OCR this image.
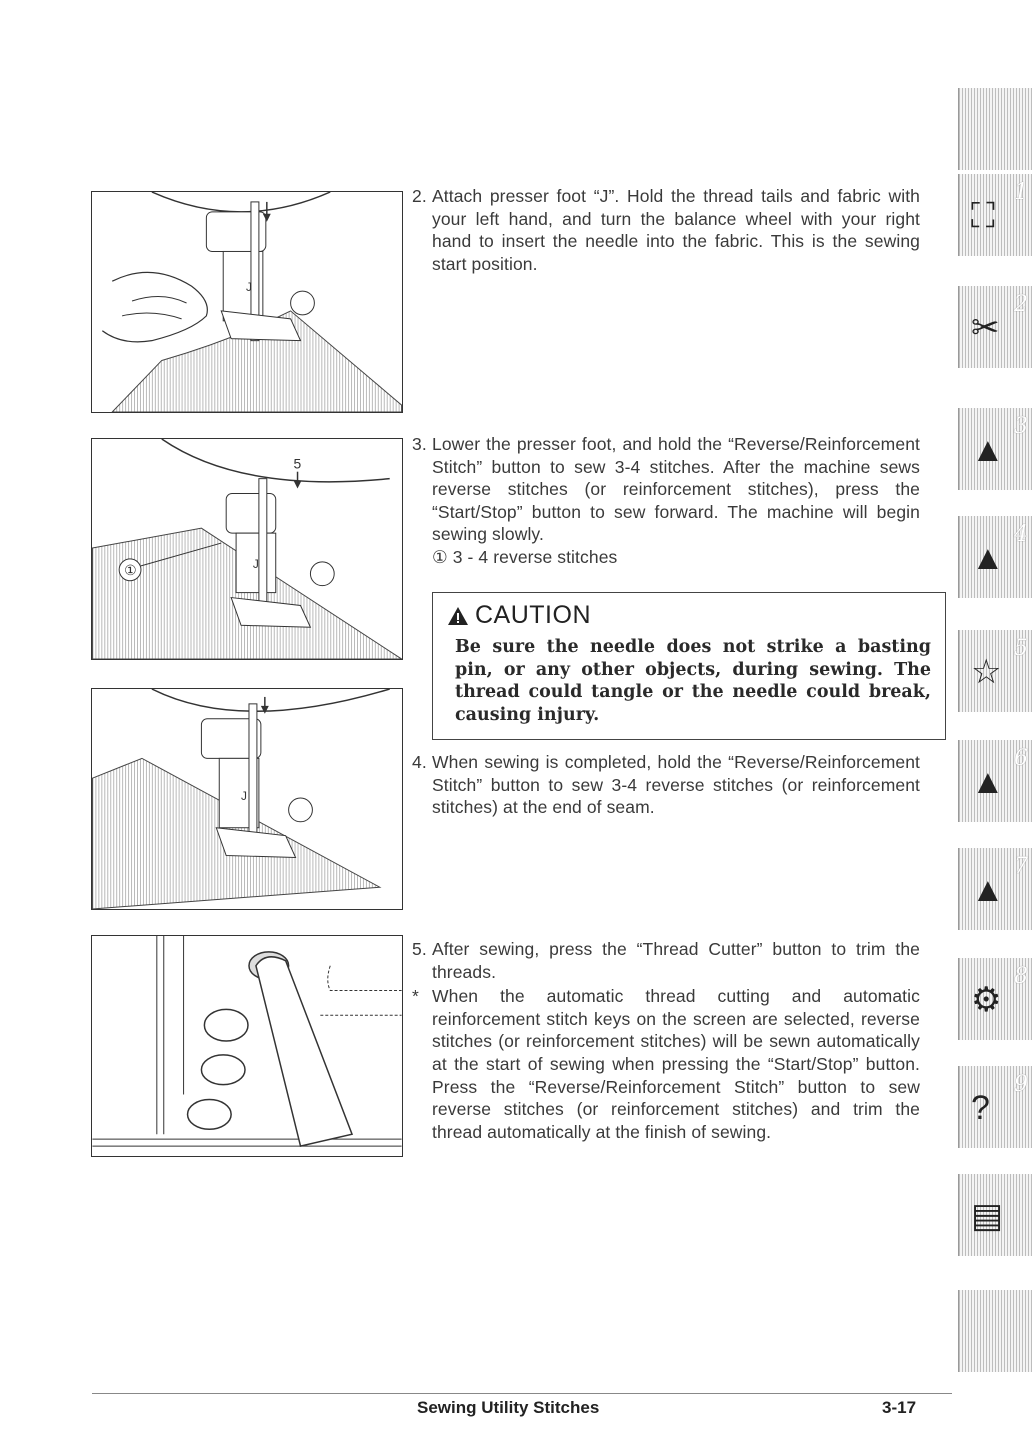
J
J
5
①
J
2. Attach presser foot “J”. Hold the thread tails and fabric with your left hand, and turn the balance wheel with your right hand to insert the needle into the fabric. This is the sewing start position.

3. Lower the presser foot, and hold the “Reverse/Reinforcement Stitch” button to sew 3-4 stitches. After the machine sews reverse stitches (or reinforcement stitches), press the “Start/Stop” button to sew forward. The machine will begin sewing slowly.

① 3 - 4 reverse stitches

CAUTION
Be sure the needle does not strike a basting pin, or any other objects, during sewing. The thread could tangle or the needle could break, causing injury.
4. When sewing is completed, hold the “Reverse/Reinforcement Stitch” button to sew 3-4 reverse stitches (or reinforcement stitches) at the end of seam.

5. After sewing, press the “Thread Cutter” button to trim the threads.

* When the automatic thread cutting and automatic reinforcement stitch keys on the screen are selected, reverse stitches (or reinforcement stitches) will be sewn automatically at the start of sewing when pressing the “Start/Stop” button. Press the “Reverse/Reinforcement Stitch” button to sew reverse stitches (or reinforcement stitches) and trim the thread automatically at the finish of sewing.

Sewing Utility Stitches	3-17
1
⛶
2
✂
3
▲
4
▲
5
☆
6
▲
7
▲
8
⚙
9
?
▤
